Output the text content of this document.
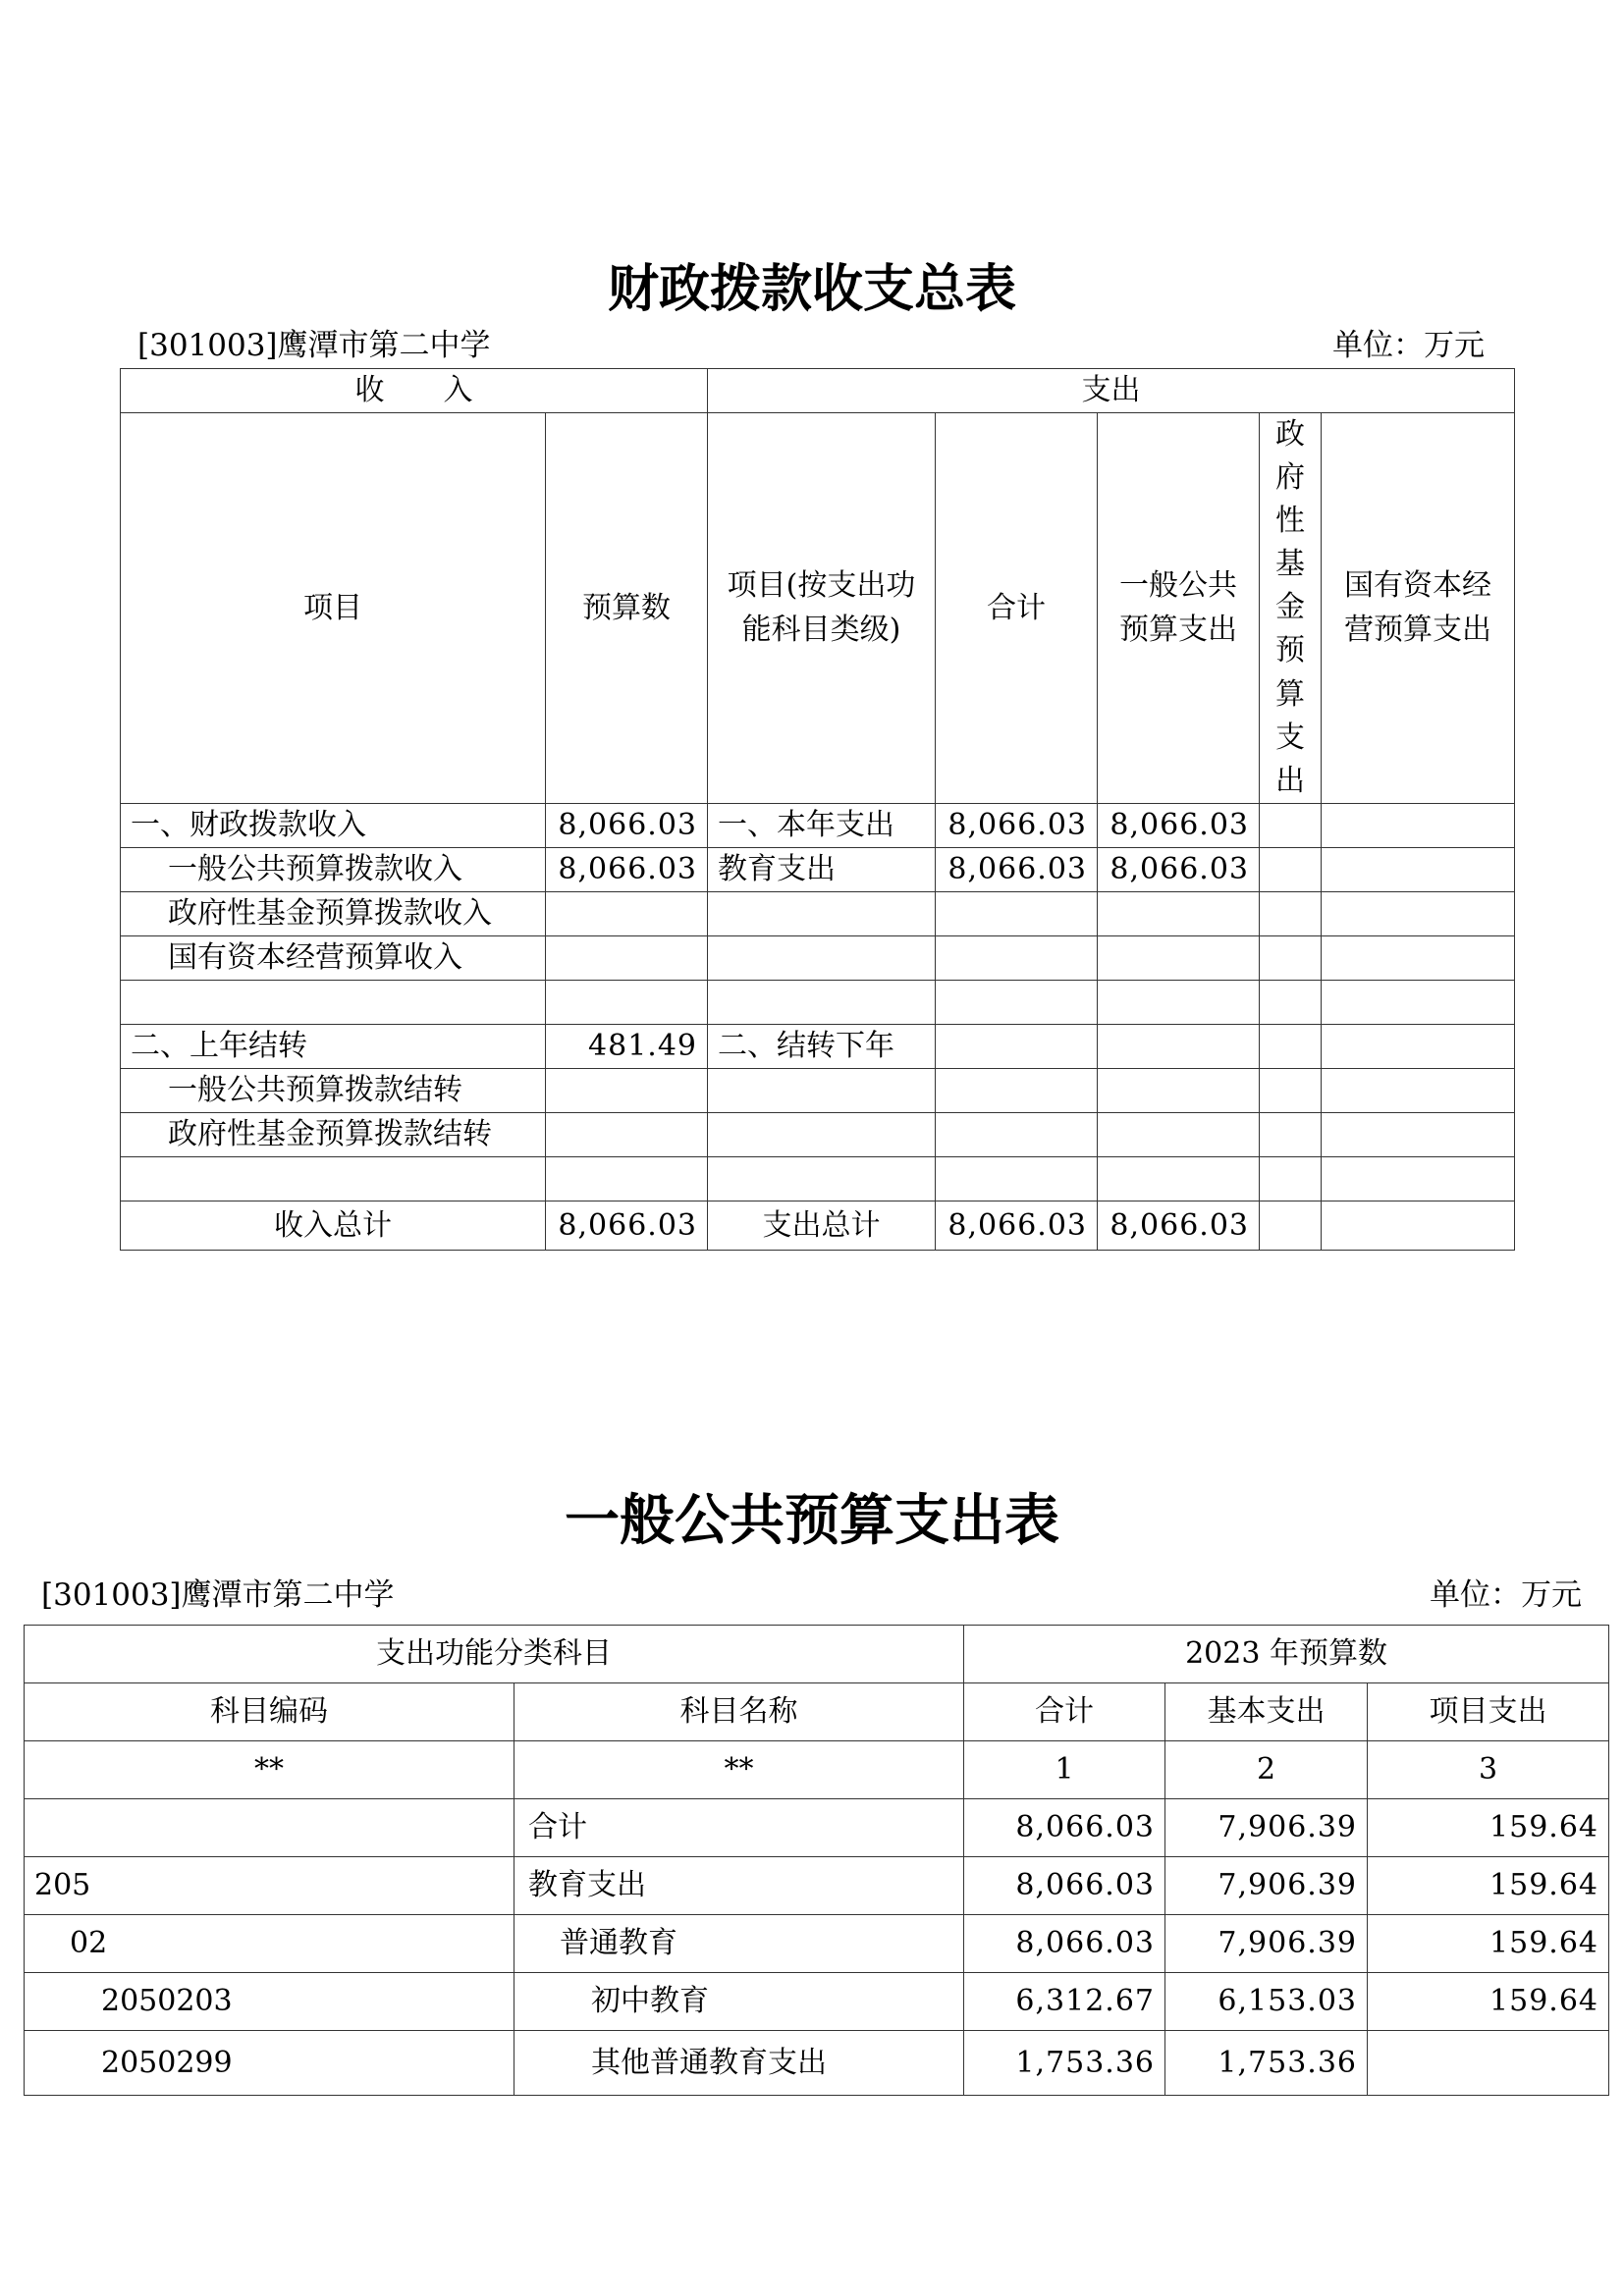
财政拨款收支总表
[301003]鹰潭市第二中学	单位：万元
收　　入		支出				
项目	预算数	项目(按支出功能科目类级)	合计	一般公共预算支出	政府性基金预算支出	国有资本经营预算支出
一、财政拨款收入	8,066.03	一、本年支出	8,066.03	8,066.03		
一般公共预算拨款收入	8,066.03	教育支出	8,066.03	8,066.03		
政府性基金预算拨款收入						
国有资本经营预算收入						

二、上年结转	481.49	二、结转下年				
一般公共预算拨款结转						
政府性基金预算拨款结转						

收入总计	8,066.03	支出总计	8,066.03	8,066.03		
一般公共预算支出表
[301003]鹰潭市第二中学	单位：万元
支出功能分类科目		2023 年预算数		
科目编码	科目名称	合计	基本支出	项目支出
**	**	1	2	3
	合计	8,066.03	7,906.39	159.64
205	教育支出	8,066.03	7,906.39	159.64
02	普通教育	8,066.03	7,906.39	159.64
2050203	初中教育	6,312.67	6,153.03	159.64
2050299	其他普通教育支出	1,753.36	1,753.36	
